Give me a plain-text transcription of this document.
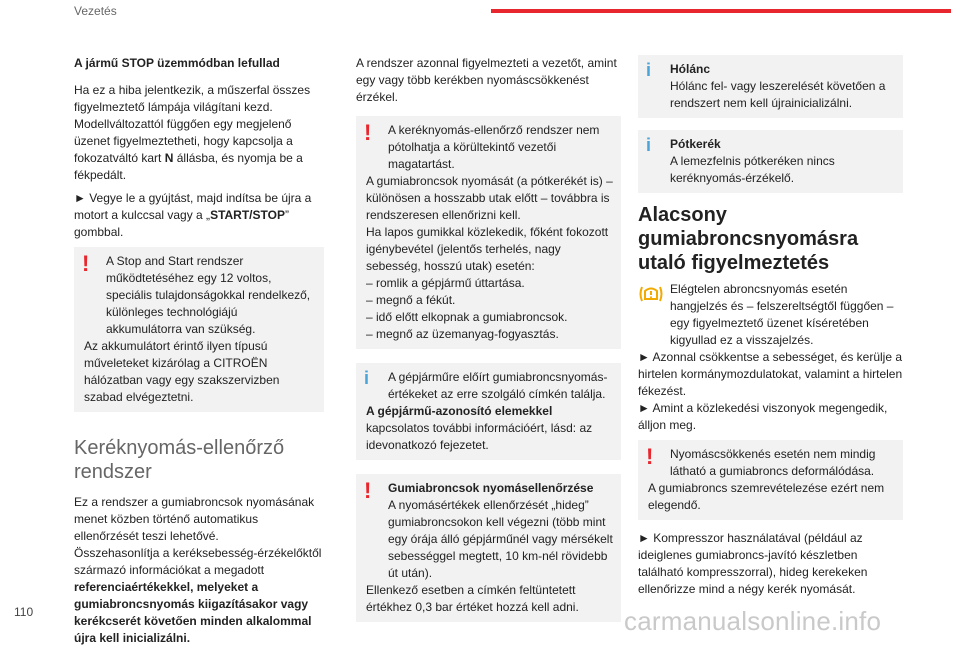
Vezetés
A jármű STOP üzemmódban lefullad

Ha ez a hiba jelentkezik, a műszerfal összes figyelmeztető lámpája világítani kezd. Modellváltozattól függően egy megjelenő üzenet figyelmeztetheti, hogy kapcsolja a fokozatváltó kart N állásba, és nyomja be a fékpedált.

► Vegye le a gyújtást, majd indítsa be újra a motort a kulccsal vagy a „START/STOP” gombbal.

!	A Stop and Start rendszer működtetéséhez egy 12 voltos, speciális tulajdonságokkal rendelkező, különleges technológiájú akkumulátorra van szükség.

Az akkumulátort érintő ilyen típusú műveleteket kizárólag a CITROËN hálózatban vagy egy szakszervizben szabad elvégeztetni.

Keréknyomás-ellenőrző rendszer

Ez a rendszer a gumiabroncsok nyomásának menet közben történő automatikus ellenőrzését teszi lehetővé.

Összehasonlítja a keréksebesség-érzékelőktől származó információkat a megadott referenciaértékekkel, melyeket a gumiabroncsnyomás kiigazításakor vagy kerékcserét követően minden alkalommal újra kell inicializálni.

A rendszer azonnal figyelmezteti a vezetőt, amint egy vagy több kerékben nyomáscsökkenést érzékel.

!	A keréknyomás-ellenőrző rendszer nem pótolhatja a körültekintő vezetői magatartást.

A gumiabroncsok nyomását (a pótkerékét is) – különösen a hosszabb utak előtt – továbbra is rendszeresen ellenőrizni kell.

Ha lapos gumikkal közlekedik, főként fokozott igénybevétel (jelentős terhelés, nagy sebesség, hosszú utak) esetén:

– romlik a gépjármű úttartása.

– megnő a fékút.

– idő előtt elkopnak a gumiabroncsok.

– megnő az üzemanyag-fogyasztás.

i	A gépjárműre előírt gumiabroncsnyomás-értékeket az erre szolgáló címkén találja.

A gépjármű-azonosító elemekkel

kapcsolatos további információért, lásd: az idevonatkozó fejezetet.

!	Gumiabroncsok nyomásellenőrzése

A nyomásértékek ellenőrzését „hideg” gumiabroncsokon kell végezni (több mint egy órája álló gépjárműnél vagy mérsékelt sebességgel megtett, 10 km-nél rövidebb út után).

Ellenkező esetben a címkén feltüntetett értékhez 0,3 bar értéket hozzá kell adni.

i	Hólánc

Hólánc fel- vagy leszerelését követően a rendszert nem kell újrainicializálni.

i	Pótkerék

A lemezfelnis pótkeréken nincs keréknyomás-érzékelő.

Alacsony gumiabroncsnyomásra utaló figyelmeztetés

Elégtelen abroncsnyomás esetén hangjelzés és – felszereltségtől függően – egy figyelmeztető üzenet kíséretében kigyullad ez a visszajelzés.

► Azonnal csökkentse a sebességet, és kerülje a hirtelen kormánymozdulatokat, valamint a hirtelen fékezést.

► Amint a közlekedési viszonyok megengedik, álljon meg.

!	Nyomáscsökkenés esetén nem mindig látható a gumiabroncs deformálódása.

A gumiabroncs szemrevételezése ezért nem elegendő.

► Kompresszor használatával (például az ideiglenes gumiabroncs-javító készletben található kompresszorral), hideg kerekeken ellenőrizze mind a négy kerék nyomását.

110	carmanualsonline.info
